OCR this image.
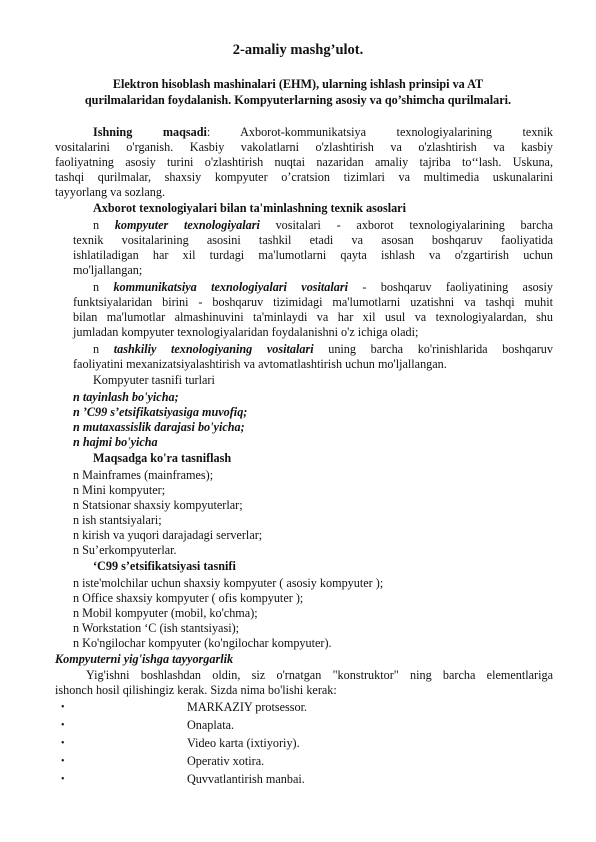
2-amaliy mashg’ulot.
Elektron hisoblash mashinalari (EHM), ularning ishlash prinsipi va AT
qurilmalaridan foydalanish. Kompyuterlarning asosiy va qo’shimcha qurilmalari.
Ishning maqsadi: Axborot-kommunikatsiya texnologiyalarining texnik
vositalarini o'rganish. Kasbiy vakolatlarni o'zlashtirish va o'zlashtirish va kasbiy
faoliyatning asosiy turini o'zlashtirish nuqtai nazaridan amaliy tajriba to‘‘lash. Uskuna,
tashqi qurilmalar, shaxsiy kompyuter o’cratsion tizimlari va multimedia uskunalarini
tayyorlang va sozlang.
Axborot texnologiyalari bilan ta'minlashning texnik asoslari
n kompyuter texnologiyalari vositalari - axborot texnologiyalarining barcha
texnik vositalarining asosini tashkil etadi va asosan boshqaruv faoliyatida
ishlatiladigan har xil turdagi ma'lumotlarni qayta ishlash va o'zgartirish uchun
mo'ljallangan;
n kommunikatsiya texnologiyalari vositalari - boshqaruv faoliyatining asosiy
funktsiyalaridan birini - boshqaruv tizimidagi ma'lumotlarni uzatishni va tashqi muhit
bilan ma'lumotlar almashinuvini ta'minlaydi va har xil usul va texnologiyalardan, shu
jumladan kompyuter texnologiyalaridan foydalanishni o'z ichiga oladi;
n tashkiliy texnologiyaning vositalari uning barcha ko'rinishlarida boshqaruv
faoliyatini mexanizatsiyalashtirish va avtomatlashtirish uchun mo'ljallangan.
Kompyuter tasnifi turlari
n tayinlash bo'yicha;
n ’C99 s’etsifikatsiyasiga muvofiq;
n mutaxassislik darajasi bo'yicha;
n hajmi bo'yicha
Maqsadga ko'ra tasniflash
n Mainframes (mainframes);
n Mini kompyuter;
n Statsionar shaxsiy kompyuterlar;
n ish stantsiyalari;
n kirish va yuqori darajadagi serverlar;
n Su’erkompyuterlar.
‘C99 s’etsifikatsiyasi tasnifi
n iste'molchilar uchun shaxsiy kompyuter ( asosiy kompyuter );
n Office shaxsiy kompyuter ( ofis kompyuter );
n Mobil kompyuter (mobil, ko'chma);
n Workstation ‘C (ish stantsiyasi);
n Ko'ngilochar kompyuter (ko'ngilochar kompyuter).
Kompyuterni yig'ishga tayyorgarlik
Yig'ishni boshlashdan oldin, siz o'rnatgan "konstruktor" ning barcha elementlariga
ishonch hosil qilishingiz kerak. Sizda nima bo'lishi kerak:
•	MARKAZIY protsessor.
•	Onaplata.
•	Video karta (ixtiyoriy).
•	Operativ xotira.
•	Quvvatlantirish manbai.
